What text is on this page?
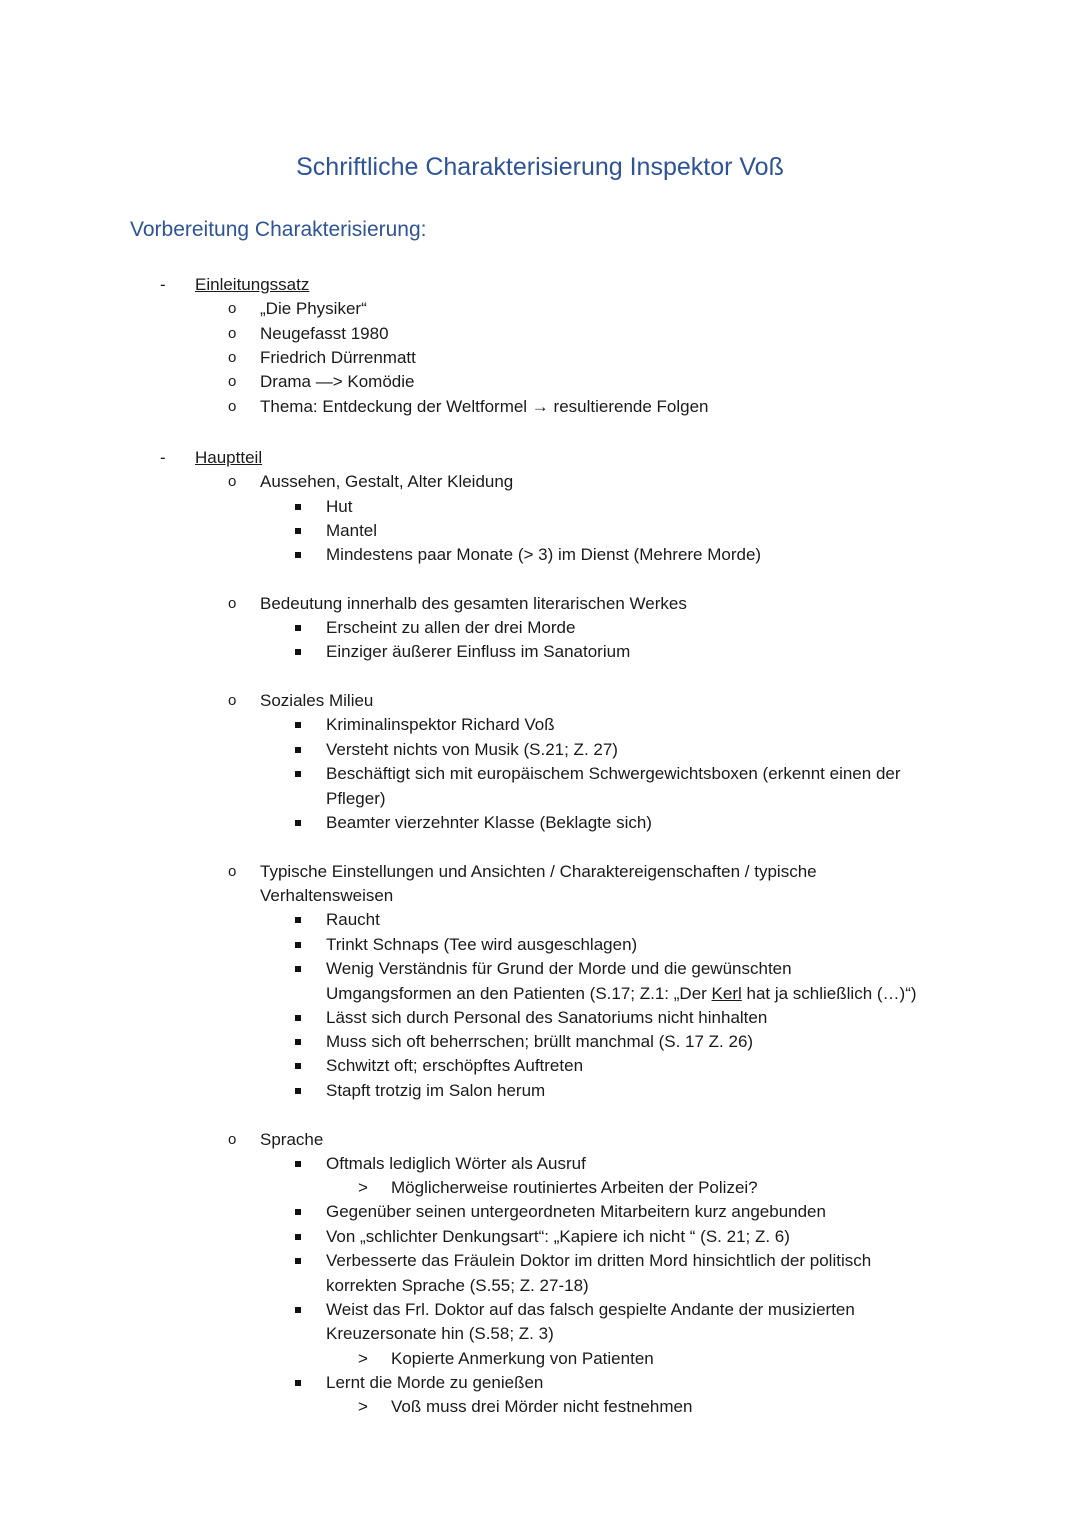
Schriftliche Charakterisierung Inspektor Voß
Vorbereitung Charakterisierung:
- Einleitungssatz
o „Die Physiker“
o Neugefasst 1980
o Friedrich Dürrenmatt
o Drama —> Komödie
o Thema: Entdeckung der Weltformel → resultierende Folgen
- Hauptteil
o Aussehen, Gestalt, Alter Kleidung
Hut
Mantel
Mindestens paar Monate (> 3) im Dienst (Mehrere Morde)
o Bedeutung innerhalb des gesamten literarischen Werkes
Erscheint zu allen der drei Morde
Einziger äußerer Einfluss im Sanatorium
o Soziales Milieu
Kriminalinspektor Richard Voß
Versteht nichts von Musik (S.21; Z. 27)
Beschäftigt sich mit europäischem Schwergewichtsboxen (erkennt einen der
Pfleger)
Beamter vierzehnter Klasse (Beklagte sich)
o Typische Einstellungen und Ansichten / Charaktereigenschaften / typische
Verhaltensweisen
Raucht
Trinkt Schnaps (Tee wird ausgeschlagen)
Wenig Verständnis für Grund der Morde und die gewünschten
Umgangsformen an den Patienten (S.17; Z.1: „Der Kerl hat ja schließlich (…)“)
Lässt sich durch Personal des Sanatoriums nicht hinhalten
Muss sich oft beherrschen; brüllt manchmal (S. 17 Z. 26)
Schwitzt oft; erschöpftes Auftreten
Stapft trotzig im Salon herum
o Sprache
Oftmals lediglich Wörter als Ausruf
> Möglicherweise routiniertes Arbeiten der Polizei?
Gegenüber seinen untergeordneten Mitarbeitern kurz angebunden
Von „schlichter Denkungsart“: „Kapiere ich nicht “ (S. 21; Z. 6)
Verbesserte das Fräulein Doktor im dritten Mord hinsichtlich der politisch
korrekten Sprache (S.55; Z. 27-18)
Weist das Frl. Doktor auf das falsch gespielte Andante der musizierten
Kreuzersonate hin (S.58; Z. 3)
> Kopierte Anmerkung von Patienten
Lernt die Morde zu genießen
> Voß muss drei Mörder nicht festnehmen
